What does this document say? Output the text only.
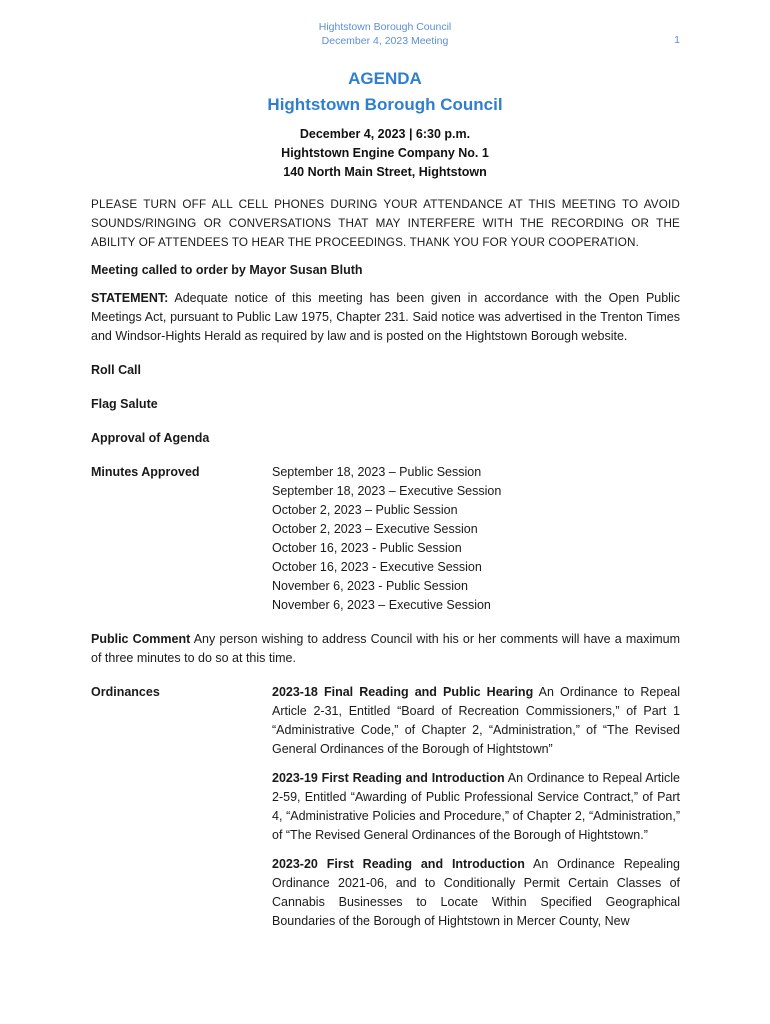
Hightstown Borough Council
December 4, 2023 Meeting	1
AGENDA
Hightstown Borough Council
December 4, 2023 | 6:30 p.m.
Hightstown Engine Company No. 1
140 North Main Street, Hightstown

PLEASE TURN OFF ALL CELL PHONES DURING YOUR ATTENDANCE AT THIS MEETING TO AVOID SOUNDS/RINGING OR CONVERSATIONS THAT MAY INTERFERE WITH THE RECORDING OR THE ABILITY OF ATTENDEES TO HEAR THE PROCEEDINGS. THANK YOU FOR YOUR COOPERATION.

Meeting called to order by Mayor Susan Bluth

STATEMENT: Adequate notice of this meeting has been given in accordance with the Open Public Meetings Act, pursuant to Public Law 1975, Chapter 231. Said notice was advertised in the Trenton Times and Windsor-Hights Herald as required by law and is posted on the Hightstown Borough website.

Roll Call

Flag Salute

Approval of Agenda

Minutes Approved	September 18, 2023 – Public Session
September 18, 2023 – Executive Session
October 2, 2023 – Public Session
October 2, 2023 – Executive Session
October 16, 2023 - Public Session
October 16, 2023 - Executive Session
November 6, 2023 - Public Session
November 6, 2023 – Executive Session

Public Comment Any person wishing to address Council with his or her comments will have a maximum of three minutes to do so at this time.

Ordinances	2023-18 Final Reading and Public Hearing An Ordinance to Repeal Article 2-31, Entitled “Board of Recreation Commissioners,” of Part 1 “Administrative Code,” of Chapter 2, “Administration,” of “The Revised General Ordinances of the Borough of Hightstown”

2023-19 First Reading and Introduction An Ordinance to Repeal Article 2-59, Entitled “Awarding of Public Professional Service Contract,” of Part 4, “Administrative Policies and Procedure,” of Chapter 2, “Administration,” of “The Revised General Ordinances of the Borough of Hightstown.”

2023-20 First Reading and Introduction An Ordinance Repealing Ordinance 2021-06, and to Conditionally Permit Certain Classes of Cannabis Businesses to Locate Within Specified Geographical Boundaries of the Borough of Hightstown in Mercer County, New
